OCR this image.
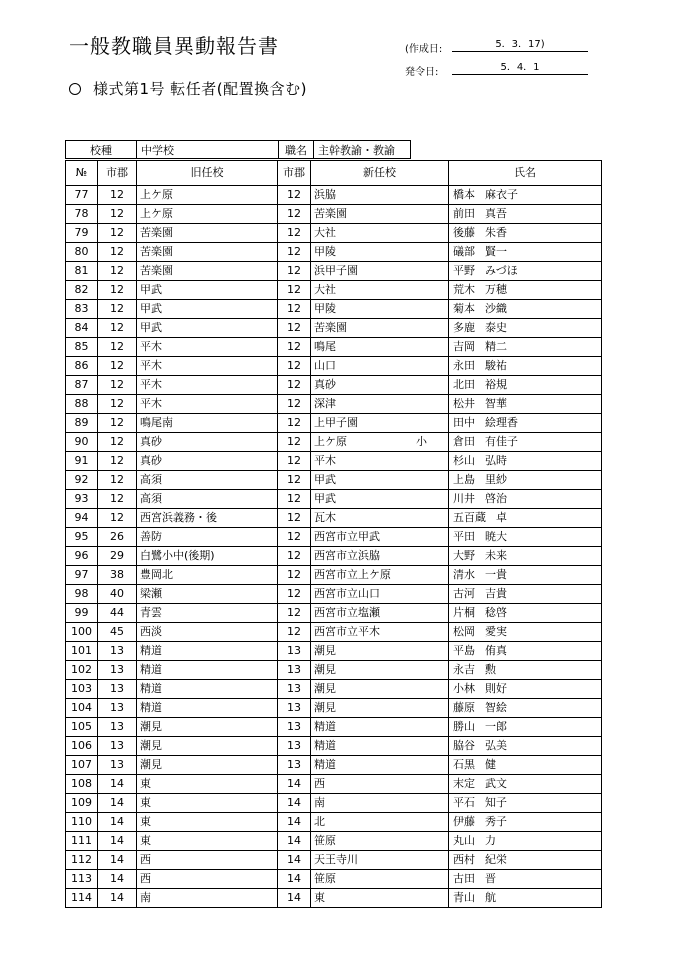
一般教職員異動報告書	(作成日:	5．3．17)
発令日:	5．4．1
様式第1号 転任者(配置換含む)
校種	中学校	職名	主幹教諭・教諭
№	市郡	旧任校	市郡	新任校	氏名
77	12	上ケ原	12	浜脇	橋本 麻衣子
78	12	上ケ原	12	苦楽園	前田 真吾
79	12	苦楽園	12	大社	後藤 朱香
80	12	苦楽園	12	甲陵	礒部 賢一
81	12	苦楽園	12	浜甲子園	平野 みづほ
82	12	甲武	12	大社	荒木 万穂
83	12	甲武	12	甲陵	菊本 沙織
84	12	甲武	12	苦楽園	多鹿 泰史
85	12	平木	12	鳴尾	吉岡 精二
86	12	平木	12	山口	永田 駿祐
87	12	平木	12	真砂	北田 裕規
88	12	平木	12	深津	松井 智華
89	12	鳴尾南	12	上甲子園	田中 絵理香
90	12	真砂	12	上ケ原 小	倉田 有佳子
91	12	真砂	12	平木	杉山 弘時
92	12	高須	12	甲武	上島 里紗
93	12	高須	12	甲武	川井 啓治
94	12	西宮浜義務・後	12	瓦木	五百蔵 卓
95	26	善防	12	西宮市立甲武	平田 暁大
96	29	白鷺小中(後期)	12	西宮市立浜脇	大野 未来
97	38	豊岡北	12	西宮市立上ケ原	清水 一貴
98	40	梁瀬	12	西宮市立山口	古河 吉貴
99	44	青雲	12	西宮市立塩瀬	片桐 稔啓
100	45	西淡	12	西宮市立平木	松岡 愛実
101	13	精道	13	潮見	平島 侑真
102	13	精道	13	潮見	永吉 勲
103	13	精道	13	潮見	小林 則好
104	13	精道	13	潮見	藤原 智絵
105	13	潮見	13	精道	勝山 一郎
106	13	潮見	13	精道	脇谷 弘美
107	13	潮見	13	精道	石黒 健
108	14	東	14	西	末定 武文
109	14	東	14	南	平石 知子
110	14	東	14	北	伊藤 秀子
111	14	東	14	笹原	丸山 力
112	14	西	14	天王寺川	西村 紀栄
113	14	西	14	笹原	古田 晋
114	14	南	14	東	青山 航
